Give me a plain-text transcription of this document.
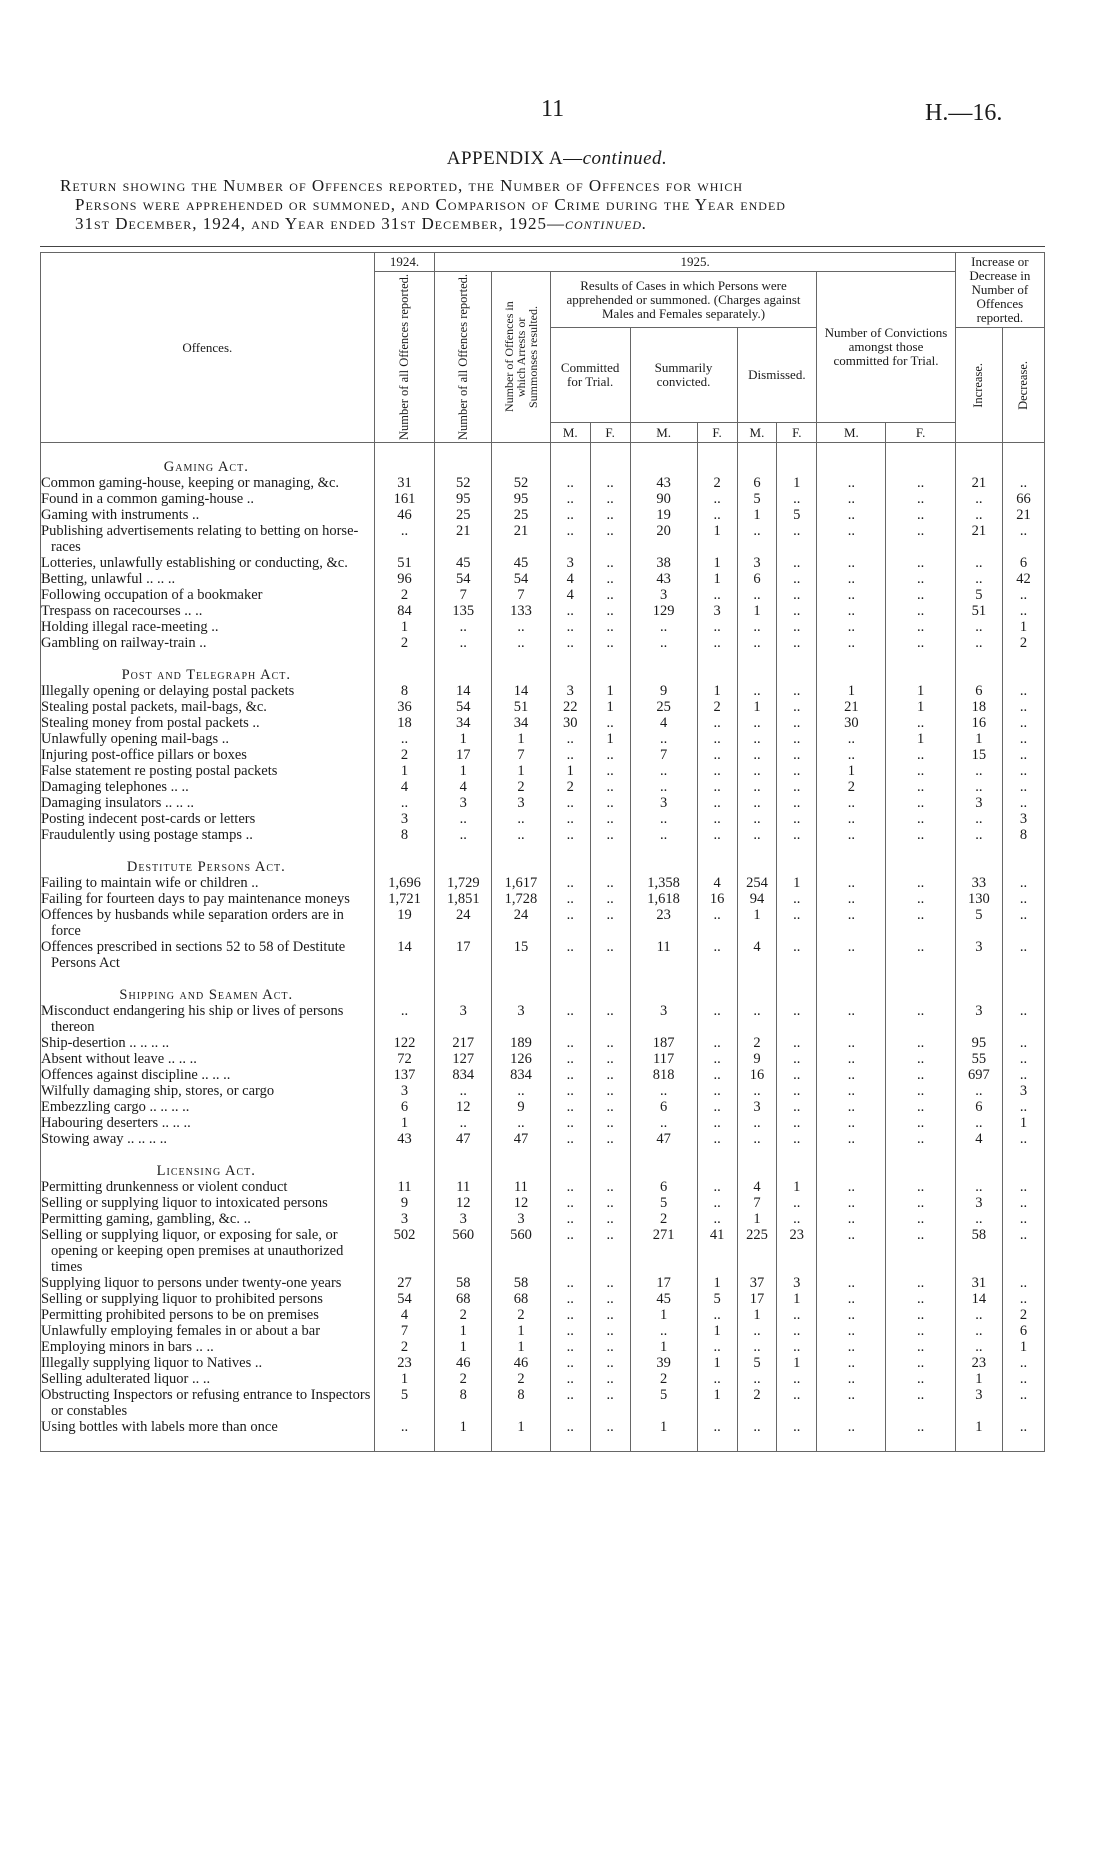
11	H.—16.
APPENDIX A—continued.
Return showing the Number of Offences reported, the Number of Offences for which
Persons were apprehended or summoned, and Comparison of Crime during the Year ended
31st December, 1924, and Year ended 31st December, 1925—continued.
Offences.	1924.	1925.										Increase or Decrease in Number of Offences reported.	

	Number of all Offences reported.	Number of all Offences reported.	Number of Offences in which Arrests or Summonses resulted.	Results of Cases in which Persons were apprehended or summoned. (Charges against Males and Females separately.)						Number of Convictions amongst those committed for Trial.			
				Committed for Trial.		Summarily convicted.		Dismissed.				Increase.	Decrease.

				M.	F.	M.	F.	M.	F.	M.	F.		
Gaming Act.													
Common gaming-house, keeping or managing, &c.	31	52	52	..	..	43	2	6	1	..	..	21	..
Found in a common gaming-house ..	161	95	95	..	..	90	..	5	..	..	..	..	66
Gaming with instruments ..	46	25	25	..	..	19	..	1	5	..	..	..	21
Publishing advertisements relating to betting on horse-races	..	21	21	..	..	20	1	..	..	..	..	21	..
Lotteries, unlawfully establishing or conducting, &c.	51	45	45	3	..	38	1	3	..	..	..	..	6
Betting, unlawful .. .. ..	96	54	54	4	..	43	1	6	..	..	..	..	42
Following occupation of a bookmaker	2	7	7	4	..	3	..	..	..	..	..	5	..
Trespass on racecourses .. ..	84	135	133	..	..	129	3	1	..	..	..	51	..
Holding illegal race-meeting ..	1	..	..	..	..	..	..	..	..	..	..	..	1
Gambling on railway-train ..	2	..	..	..	..	..	..	..	..	..	..	..	2
Post and Telegraph Act.													
Illegally opening or delaying postal packets	8	14	14	3	1	9	1	..	..	1	1	6	..
Stealing postal packets, mail-bags, &c.	36	54	51	22	1	25	2	1	..	21	1	18	..
Stealing money from postal packets ..	18	34	34	30	..	4	..	..	..	30	..	16	..
Unlawfully opening mail-bags ..	..	1	1	..	1	..	..	..	..	..	1	1	..
Injuring post-office pillars or boxes	2	17	7	..	..	7	..	..	..	..	..	15	..
False statement re posting postal packets	1	1	1	1	..	..	..	..	..	1	..	..	..
Damaging telephones .. ..	4	4	2	2	..	..	..	..	..	2	..	..	..
Damaging insulators .. .. ..	..	3	3	..	..	3	..	..	..	..	..	3	..
Posting indecent post-cards or letters	3	..	..	..	..	..	..	..	..	..	..	..	3
Fraudulently using postage stamps ..	8	..	..	..	..	..	..	..	..	..	..	..	8
Destitute Persons Act.													
Failing to maintain wife or children ..	1,696	1,729	1,617	..	..	1,358	4	254	1	..	..	33	..
Failing for fourteen days to pay maintenance moneys	1,721	1,851	1,728	..	..	1,618	16	94	..	..	..	130	..
Offences by husbands while separation orders are in force	19	24	24	..	..	23	..	1	..	..	..	5	..
Offences prescribed in sections 52 to 58 of Destitute Persons Act	14	17	15	..	..	11	..	4	..	..	..	3	..
Shipping and Seamen Act.													
Misconduct endangering his ship or lives of persons thereon	..	3	3	..	..	3	..	..	..	..	..	3	..
Ship-desertion .. .. .. ..	122	217	189	..	..	187	..	2	..	..	..	95	..
Absent without leave .. .. ..	72	127	126	..	..	117	..	9	..	..	..	55	..
Offences against discipline .. .. ..	137	834	834	..	..	818	..	16	..	..	..	697	..
Wilfully damaging ship, stores, or cargo	3	..	..	..	..	..	..	..	..	..	..	..	3
Embezzling cargo .. .. .. ..	6	12	9	..	..	6	..	3	..	..	..	6	..
Habouring deserters .. .. ..	1	..	..	..	..	..	..	..	..	..	..	..	1
Stowing away .. .. .. ..	43	47	47	..	..	47	..	..	..	..	..	4	..
Licensing Act.													
Permitting drunkenness or violent conduct	11	11	11	..	..	6	..	4	1	..	..	..	..
Selling or supplying liquor to intoxicated persons	9	12	12	..	..	5	..	7	..	..	..	3	..
Permitting gaming, gambling, &c. ..	3	3	3	..	..	2	..	1	..	..	..	..	..
Selling or supplying liquor, or exposing for sale, or opening or keeping open premises at unauthorized times	502	560	560	..	..	271	41	225	23	..	..	58	..
Supplying liquor to persons under twenty-one years	27	58	58	..	..	17	1	37	3	..	..	31	..
Selling or supplying liquor to prohibited persons	54	68	68	..	..	45	5	17	1	..	..	14	..
Permitting prohibited persons to be on premises	4	2	2	..	..	1	..	1	..	..	..	..	2
Unlawfully employing females in or about a bar	7	1	1	..	..	..	1	..	..	..	..	..	6
Employing minors in bars .. ..	2	1	1	..	..	1	..	..	..	..	..	..	1
Illegally supplying liquor to Natives ..	23	46	46	..	..	39	1	5	1	..	..	23	..
Selling adulterated liquor .. ..	1	2	2	..	..	2	..	..	..	..	..	1	..
Obstructing Inspectors or refusing entrance to Inspectors or constables	5	8	8	..	..	5	1	2	..	..	..	3	..
Using bottles with labels more than once	..	1	1	..	..	1	..	..	..	..	..	1	..
